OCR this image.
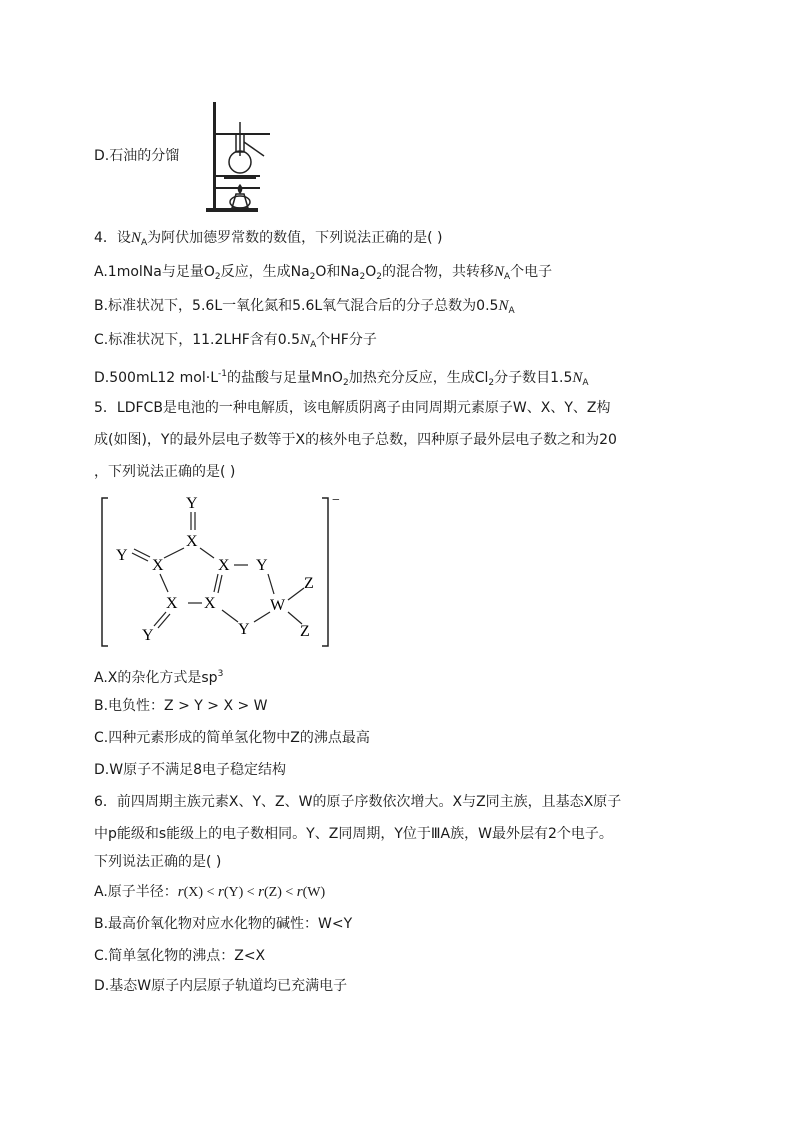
D.石油的分馏
4．设$N_A$为阿伏加德罗常数的数值，下列说法正确的是( )
A.1molNa与足量$O_2$反应，生成$Na_2O$和$Na_2O_2$的混合物，共转移$N_A$个电子
B.标准状况下，5.6L一氧化氮和5.6L氧气混合后的分子总数为$0.5N_A$
C.标准状况下，11.2LHF含有$0.5N_A$个HF分子
D.500mL12 $mol\cdot L^{-1}$的盐酸与足量MnO$_2$加热充分反应，生成$Cl_2$分子数目$1.5N_A$
5．LDFCB是电池的一种电解质，该电解质阴离子由同周期元素原子W、X、Y、Z构
成(如图)，Y的最外层电子数等于X的核外电子总数，四种原子最外层电子数之和为20
，下列说法正确的是( )
−
Y
X
Y
X	X Y
X X	W
Z
Z
Y
Y
A.X的杂化方式是$sp^3$
B.电负性：Z > Y > X > W
C.四种元素形成的简单氢化物中Z的沸点最高
D.W原子不满足8电子稳定结构
6．前四周期主族元素X、Y、Z、W的原子序数依次增大。X与Z同主族，且基态X原子
中p能级和s能级上的电子数相同。Y、Z同周期，Y位于ⅢA族，W最外层有2个电子。
下列说法正确的是( )
A.原子半径：r(X) < r(Y) < r(Z) < r(W)
B.最高价氧化物对应水化物的碱性：W<Y
C.简单氢化物的沸点：Z<X
D.基态W原子内层原子轨道均已充满电子
